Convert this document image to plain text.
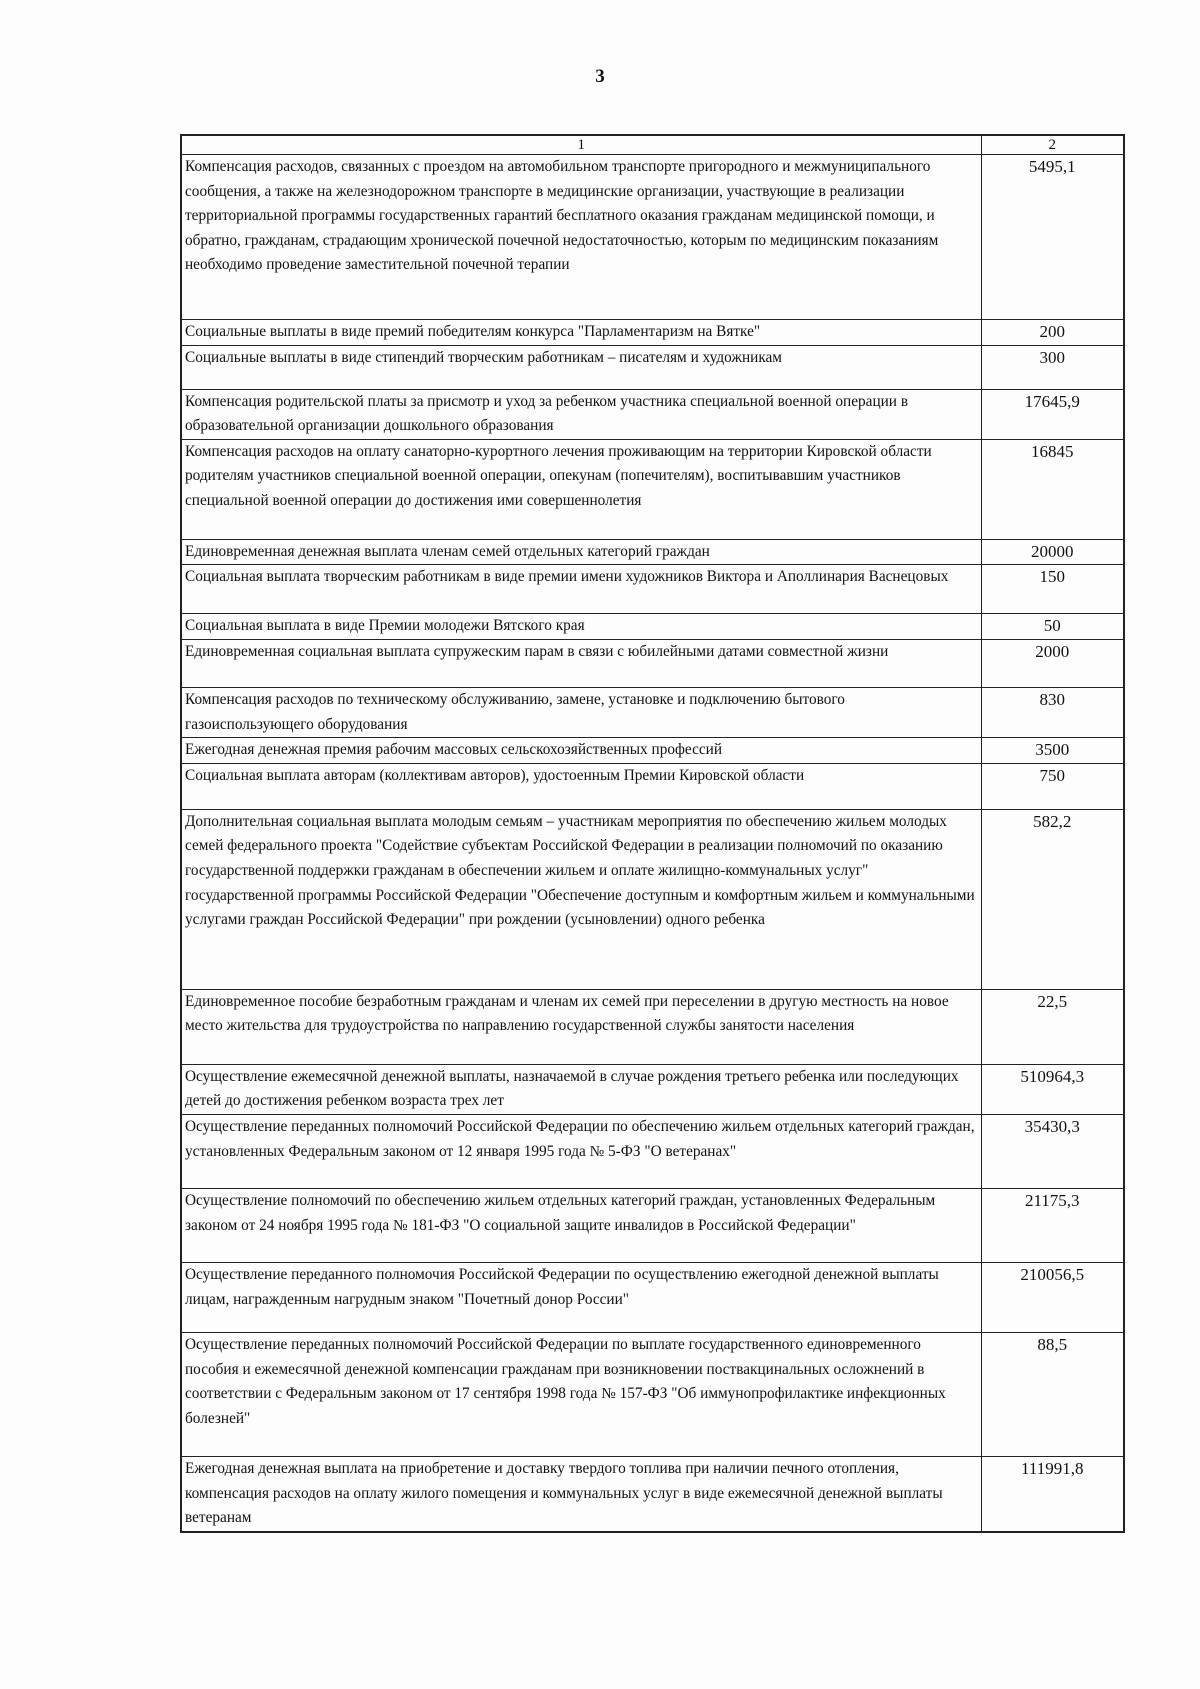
3
1	2
Компенсация расходов, связанных с проездом на автомобильном транспорте пригородного и межмуниципального сообщения, а также на железнодорожном транспорте в медицинские организации, участвующие в реализации территориальной программы государственных гарантий бесплатного оказания гражданам медицинской помощи, и обратно, гражданам, страдающим хронической почечной недостаточностью, которым по медицинским показаниям необходимо проведение заместительной почечной терапии	5495,1
Социальные выплаты в виде премий победителям конкурса "Парламентаризм на Вятке"	200
Социальные выплаты в виде стипендий творческим работникам – писателям и художникам	300
Компенсация родительской платы за присмотр и уход за ребенком участника специальной военной операции в образовательной организации дошкольного образования	17645,9
Компенсация расходов на оплату санаторно-курортного лечения проживающим на территории Кировской области родителям участников специальной военной операции, опекунам (попечителям), воспитывавшим участников специальной военной операции до достижения ими совершеннолетия	16845
Единовременная денежная выплата членам семей отдельных категорий граждан	20000
Социальная выплата творческим работникам в виде премии имени художников Виктора и Аполлинария Васнецовых	150
Социальная выплата в виде Премии молодежи Вятского края	50
Единовременная социальная выплата супружеским парам в связи с юбилейными датами совместной жизни	2000
Компенсация расходов по техническому обслуживанию, замене, установке и подключению бытового газоиспользующего оборудования	830
Ежегодная денежная премия рабочим массовых сельскохозяйственных профессий	3500
Социальная выплата авторам (коллективам авторов), удостоенным Премии Кировской области	750
Дополнительная социальная выплата молодым семьям – участникам мероприятия по обеспечению жильем молодых семей федерального проекта "Содействие субъектам Российской Федерации в реализации полномочий по оказанию государственной поддержки гражданам в обеспечении жильем и оплате жилищно-коммунальных услуг" государственной программы Российской Федерации "Обеспечение доступным и комфортным жильем и коммунальными услугами граждан Российской Федерации" при рождении (усыновлении) одного ребенка	582,2
Единовременное пособие безработным гражданам и членам их семей при переселении в другую местность на новое место жительства для трудоустройства по направлению государственной службы занятости населения	22,5
Осуществление ежемесячной денежной выплаты, назначаемой в случае рождения третьего ребенка или последующих детей до достижения ребенком возраста трех лет	510964,3
Осуществление переданных полномочий Российской Федерации по обеспечению жильем отдельных категорий граждан, установленных Федеральным законом от 12 января 1995 года № 5-ФЗ "О ветеранах"	35430,3
Осуществление полномочий по обеспечению жильем отдельных категорий граждан, установленных Федеральным законом от 24 ноября 1995 года № 181-ФЗ "О социальной защите инвалидов в Российской Федерации"	21175,3
Осуществление переданного полномочия Российской Федерации по осуществлению ежегодной денежной выплаты лицам, награжденным нагрудным знаком "Почетный донор России"	210056,5
Осуществление переданных полномочий Российской Федерации по выплате государственного единовременного пособия и ежемесячной денежной компенсации гражданам при возникновении поствакцинальных осложнений в соответствии с Федеральным законом от 17 сентября 1998 года № 157-ФЗ "Об иммунопрофилактике инфекционных болезней"	88,5
Ежегодная денежная выплата на приобретение и доставку твердого топлива при наличии печного отопления, компенсация расходов на оплату жилого помещения и коммунальных услуг в виде ежемесячной денежной выплаты ветеранам	111991,8
